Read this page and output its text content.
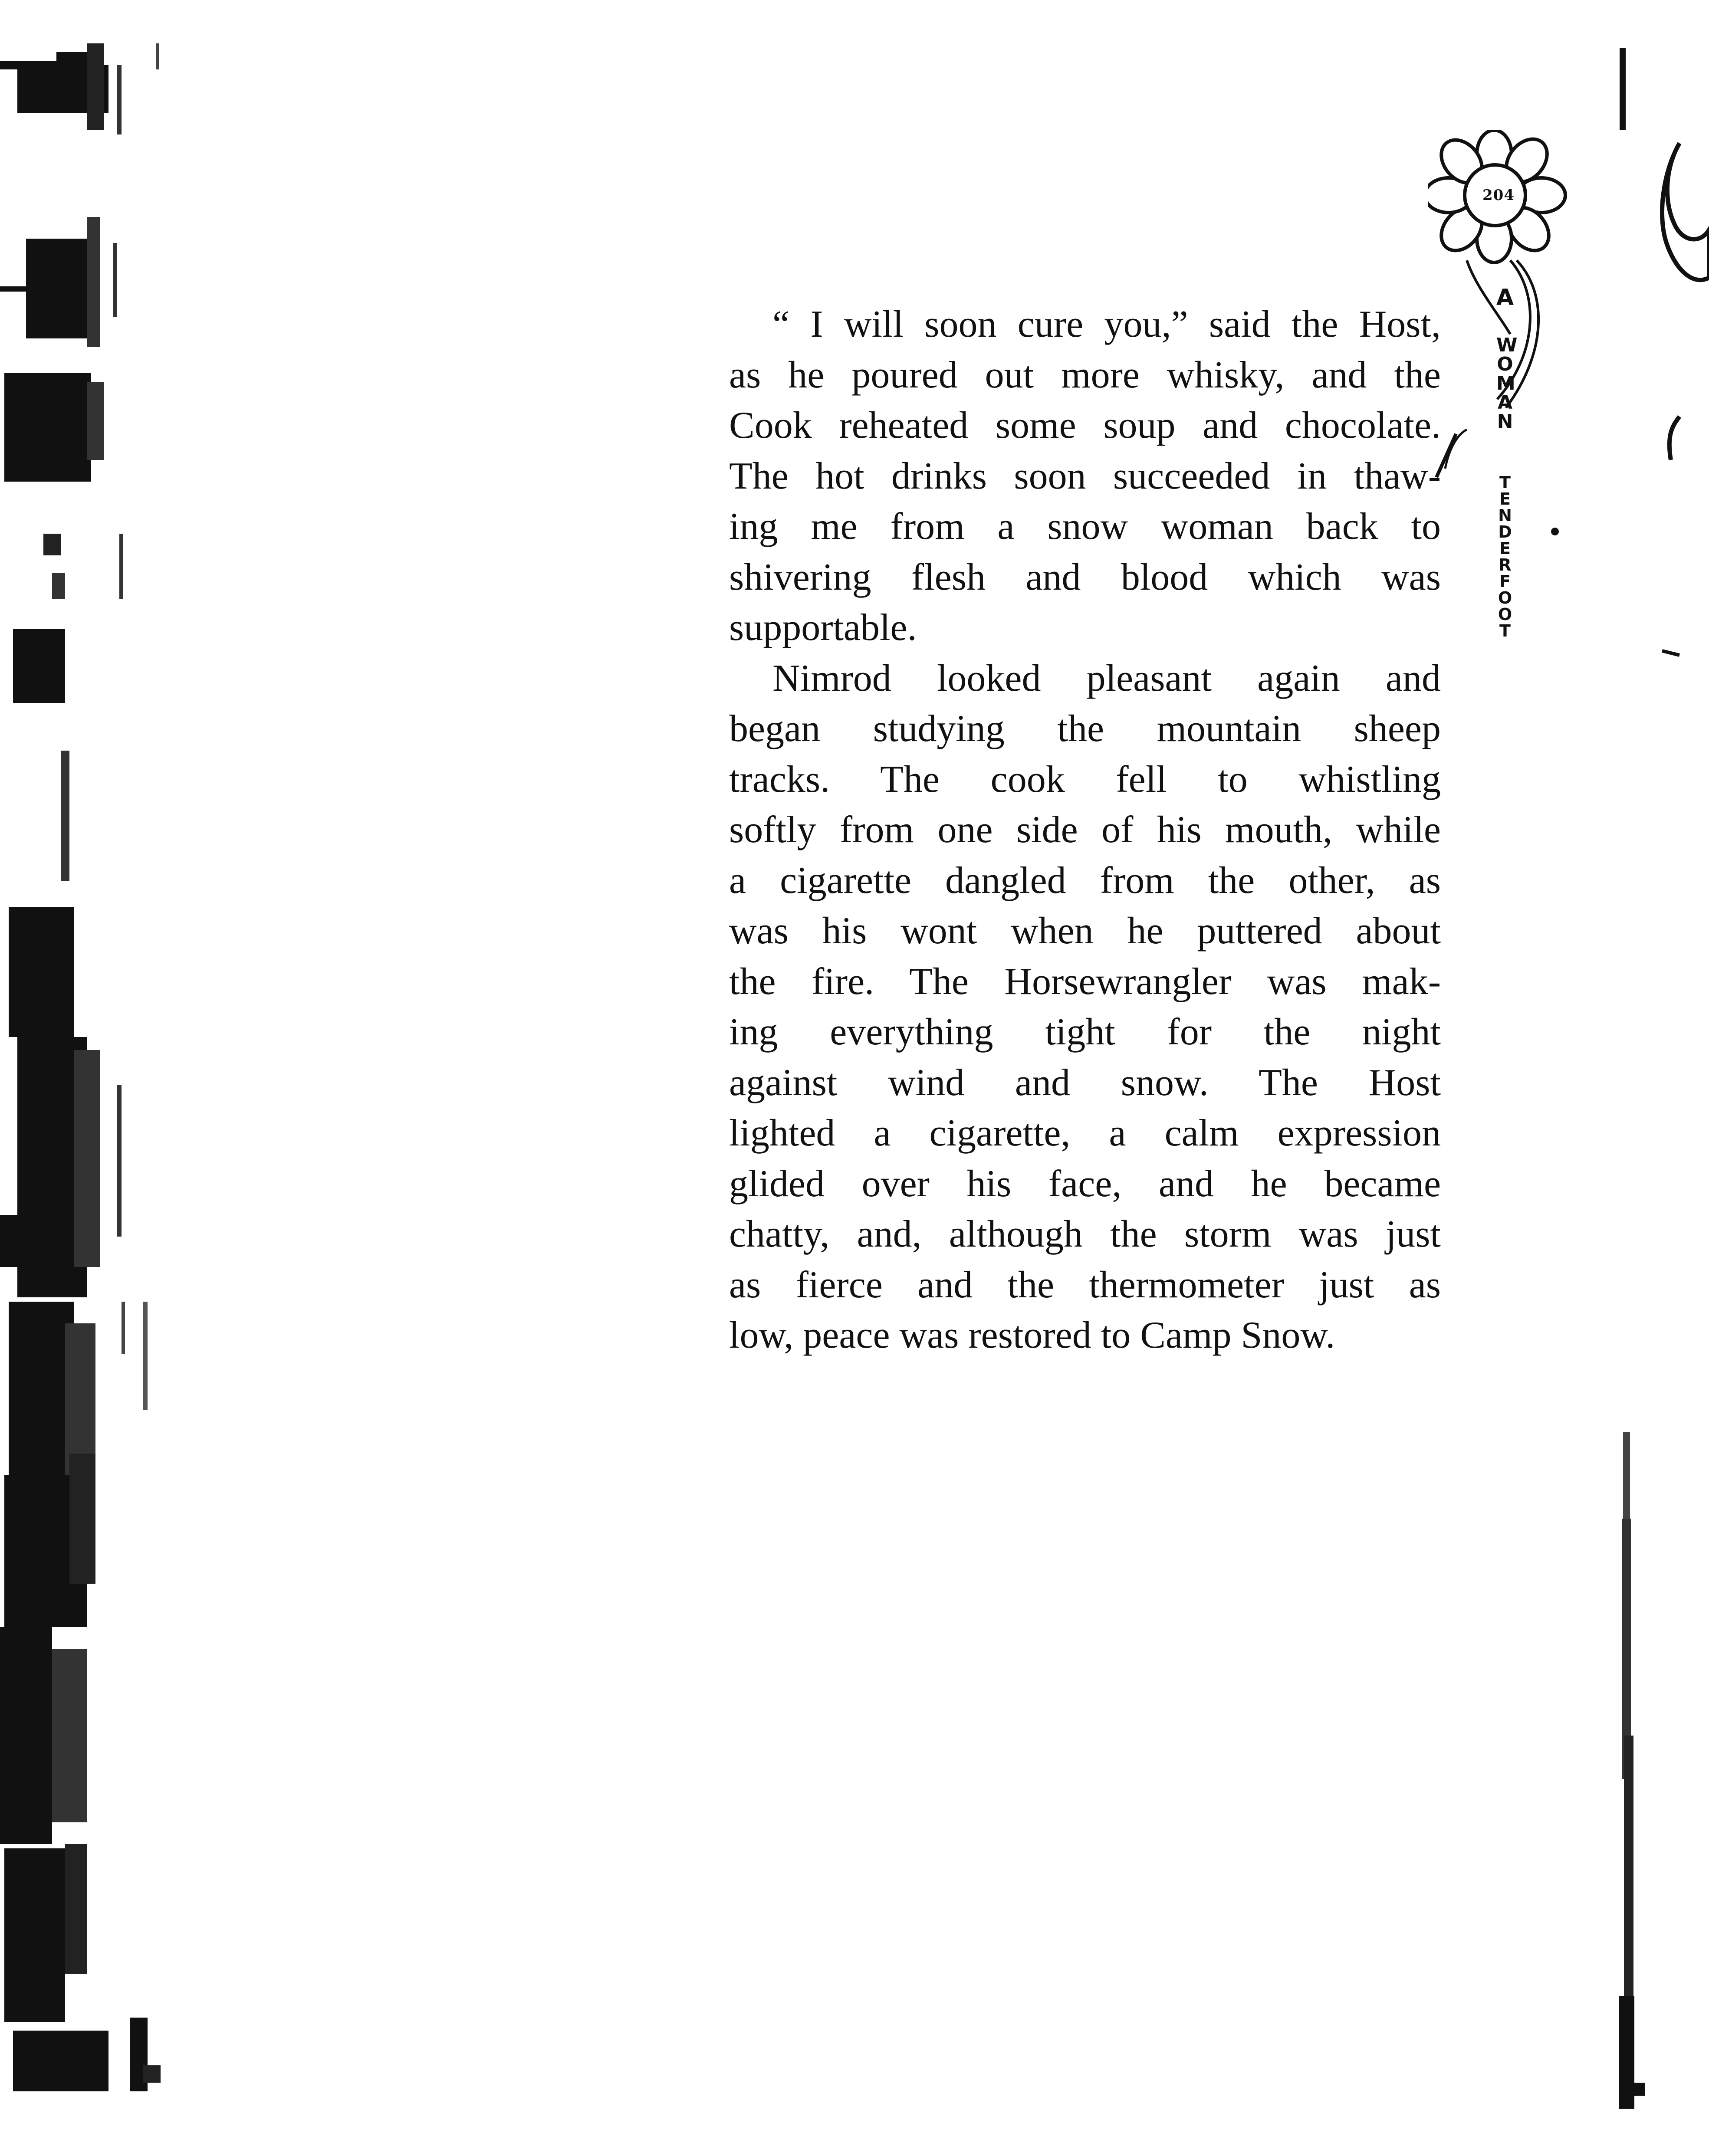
204
A

WOMAN

TENDERFOOT

“ I will soon cure you,” said the Host,
as he poured out more whisky, and the
Cook reheated some soup and chocolate.
The hot drinks soon succeeded in thaw-
ing me from a snow woman back to
shivering flesh and blood which was
supportable.
Nimrod looked pleasant again and
began studying the mountain sheep
tracks. The cook fell to whistling
softly from one side of his mouth, while
a cigarette dangled from the other, as
was his wont when he puttered about
the fire. The Horsewrangler was mak-
ing everything tight for the night
against wind and snow. The Host
lighted a cigarette, a calm expression
glided over his face, and he became
chatty, and, although the storm was just
as fierce and the thermometer just as
low, peace was restored to Camp Snow.
